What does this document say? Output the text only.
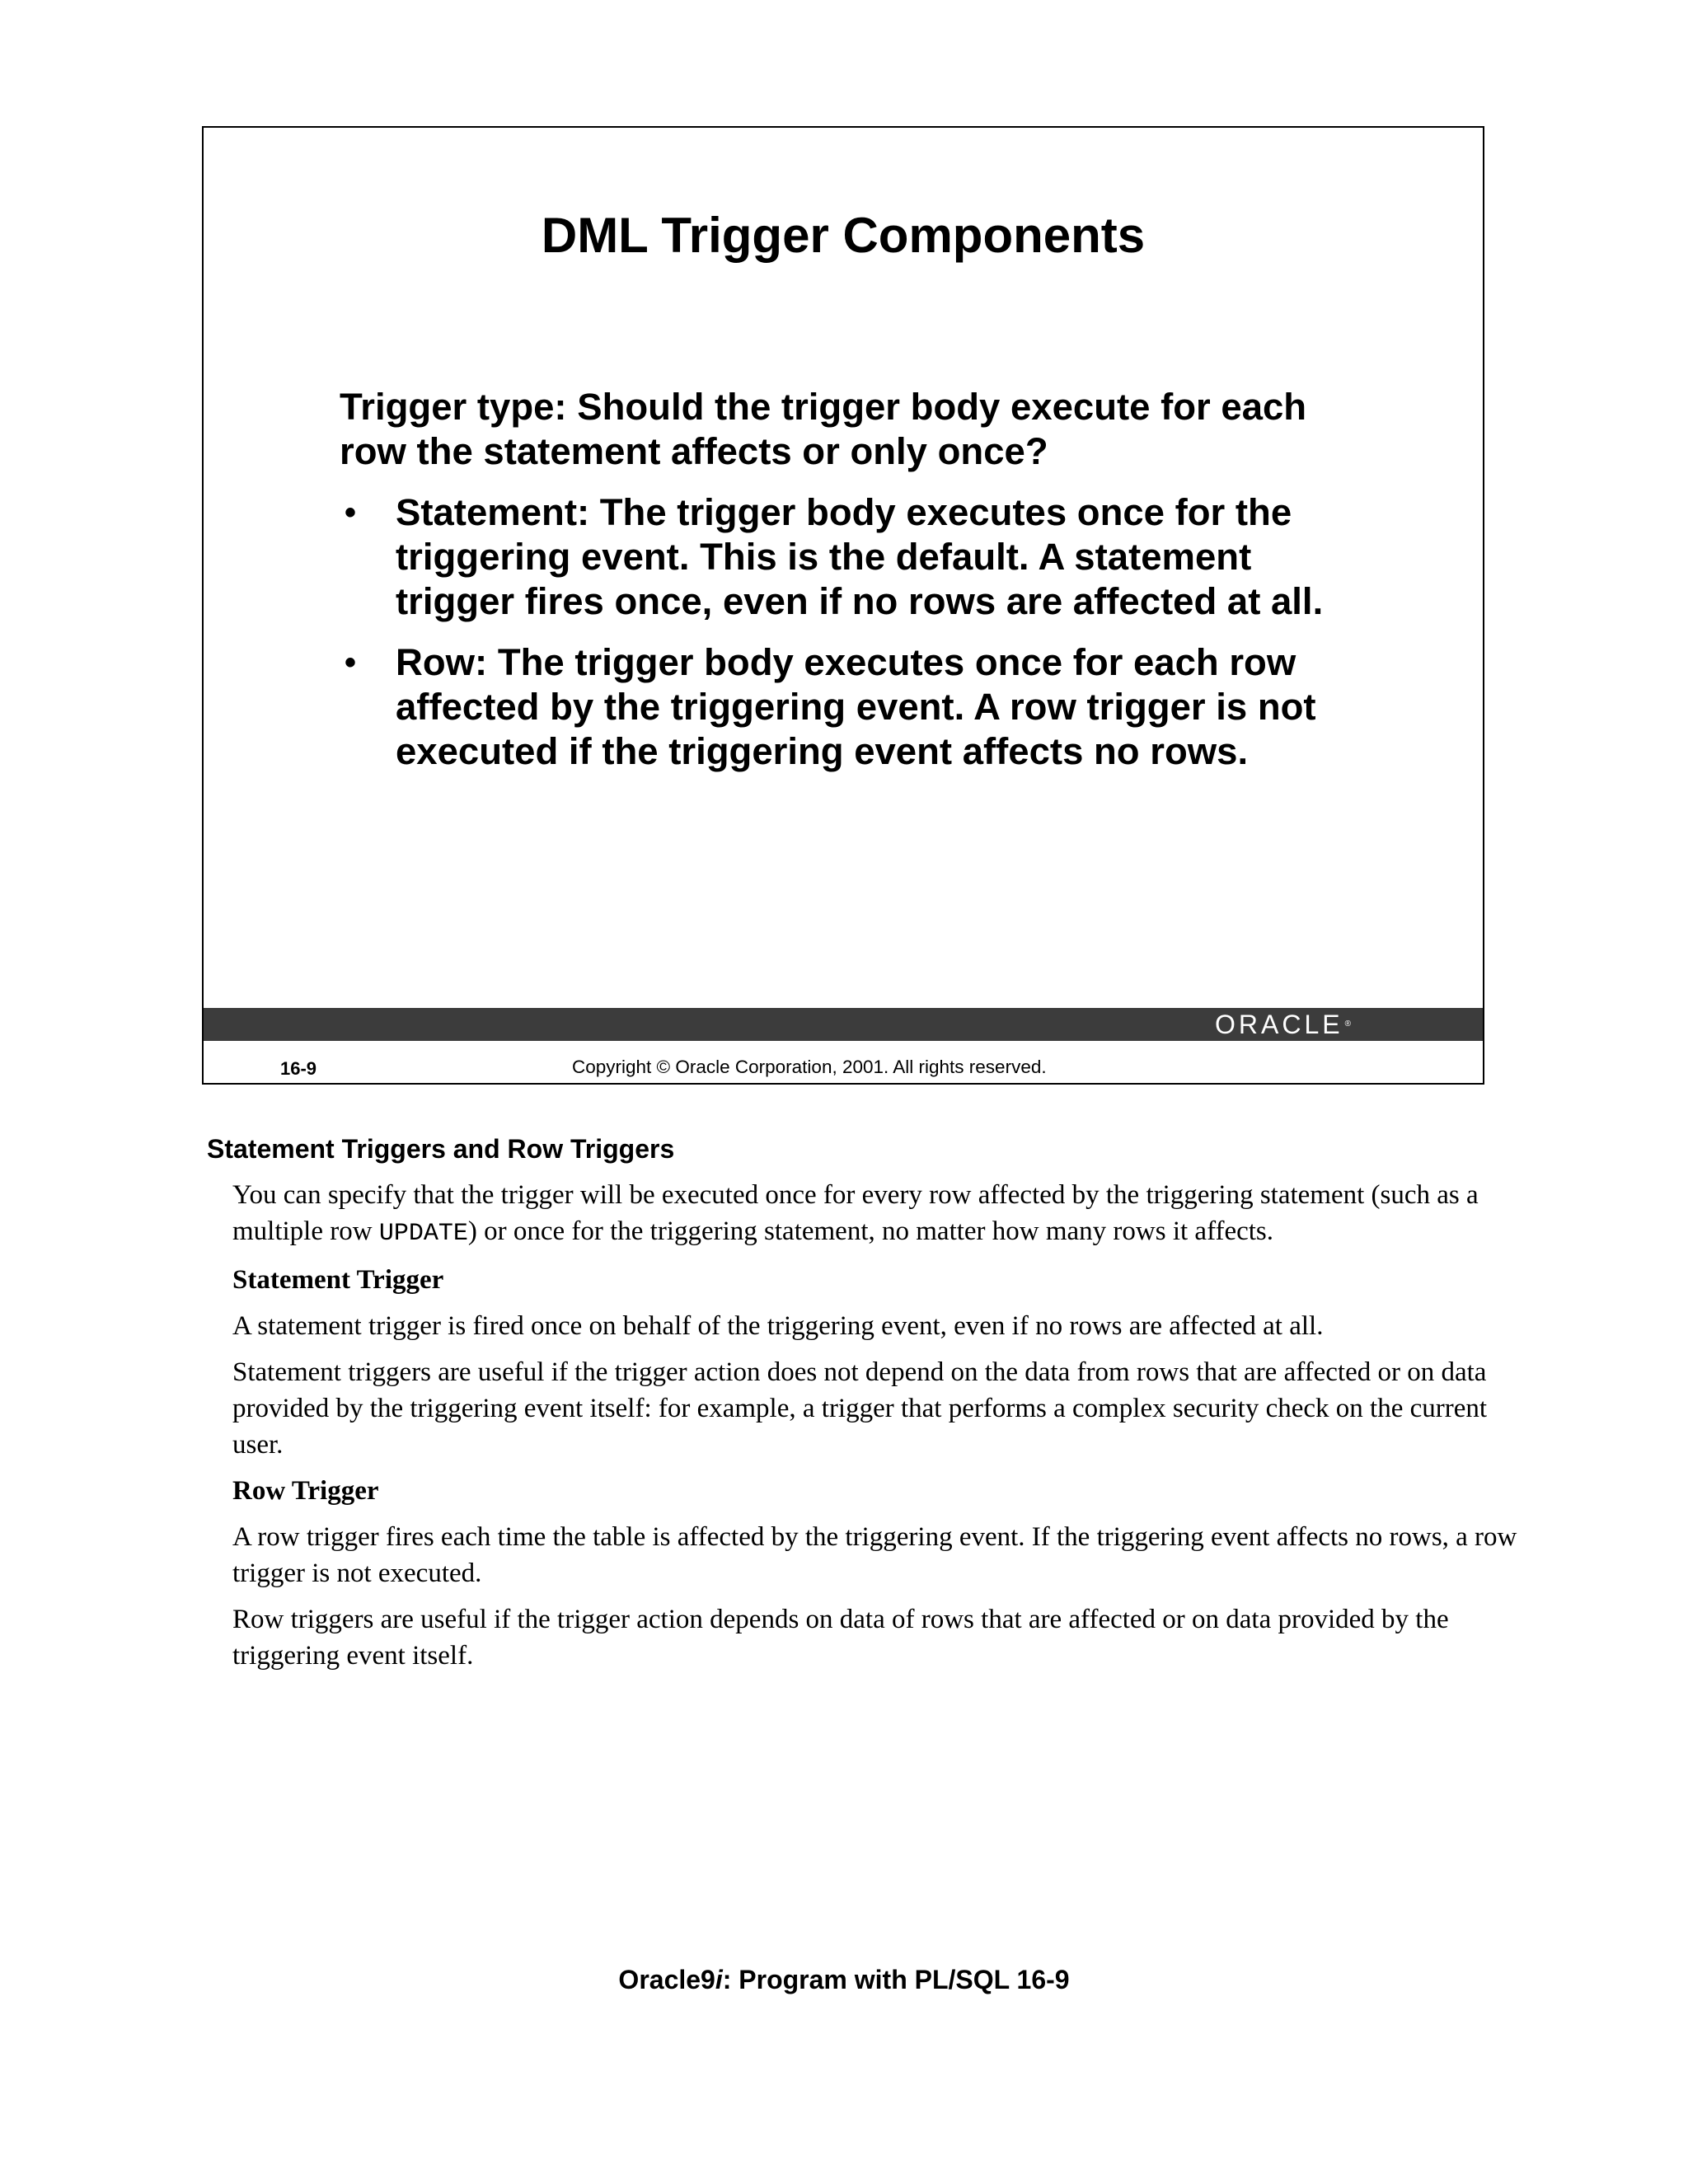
DML Trigger Components

Trigger type: Should the trigger body execute for each
row the statement affects or only once?

• Statement: The trigger body executes once for the
triggering event. This is the default. A statement
trigger fires once, even if no rows are affected at all.
• Row: The trigger body executes once for each row
affected by the triggering event. A row trigger is not
executed if the triggering event affects no rows.
ORACLE ®
16-9	Copyright © Oracle Corporation, 2001. All rights reserved.
Statement Triggers and Row Triggers

You can specify that the trigger will be executed once for every row affected by the triggering statement (such as a multiple row UPDATE) or once for the triggering statement, no matter how many rows it affects.

Statement Trigger

A statement trigger is fired once on behalf of the triggering event, even if no rows are affected at all.

Statement triggers are useful if the trigger action does not depend on the data from rows that are affected or on data provided by the triggering event itself: for example, a trigger that performs a complex security check on the current user.

Row Trigger

A row trigger fires each time the table is affected by the triggering event. If the triggering event affects no rows, a row trigger is not executed.

Row triggers are useful if the trigger action depends on data of rows that are affected or on data provided by the triggering event itself.

Oracle9i: Program with PL/SQL 16-9
